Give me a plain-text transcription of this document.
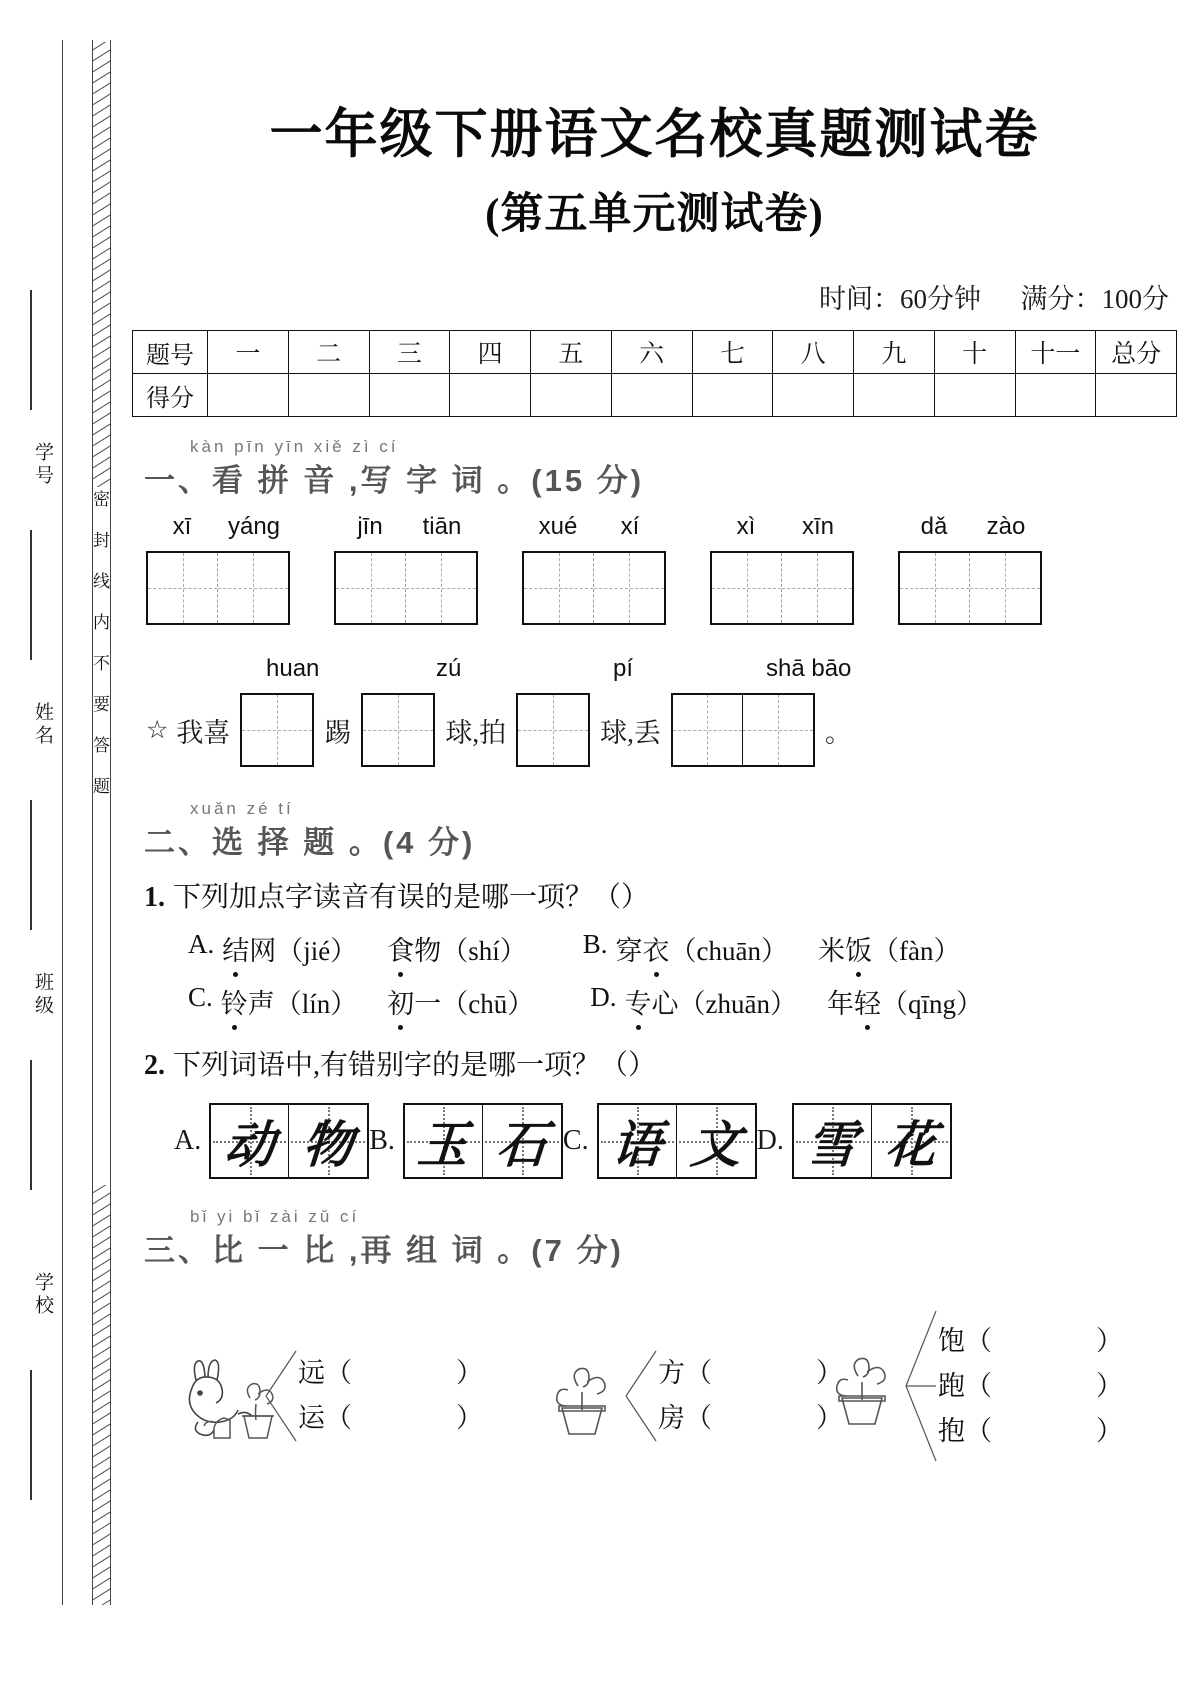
密封线内不要答题
学号
姓名
班级
学校
一年级下册语文名校真题测试卷
(第五单元测试卷)
时间：60分钟 满分：100分
题号	一	二	三	四	五	六	七	八	九	十	十一	总分
得分												
kàn pīn yīn xiě zì cí
一、看 拼 音 ,写 字 词 。(15 分)
xī	yáng	jīn	tiān	xué	xí	xì	xīn	dǎ	zào
huan	zú	pí	shā bāo
☆ 我喜	踢	球,拍	球,丢	。
xuǎn zé tí
二、选 择 题 。(4 分)
1. 下列加点字读音有误的是哪一项？（）
A. 结网（jié） 食物（shí） B. 穿衣（chuān） 米饭（fàn）
C. 铃声（lín） 初一（chū） D. 专心（zhuān） 年轻（qīng）
2. 下列词语中,有错别字的是哪一项？（）
A. 动 物 B. 玉 石 C. 语 文 D. 雪 花
bǐ yi bǐ zài zǔ cí
三、比 一 比 ,再 组 词 。(7 分)
远（	）
运（	）
方（	）
房（	）
饱（	）
跑（	）
抱（	）
